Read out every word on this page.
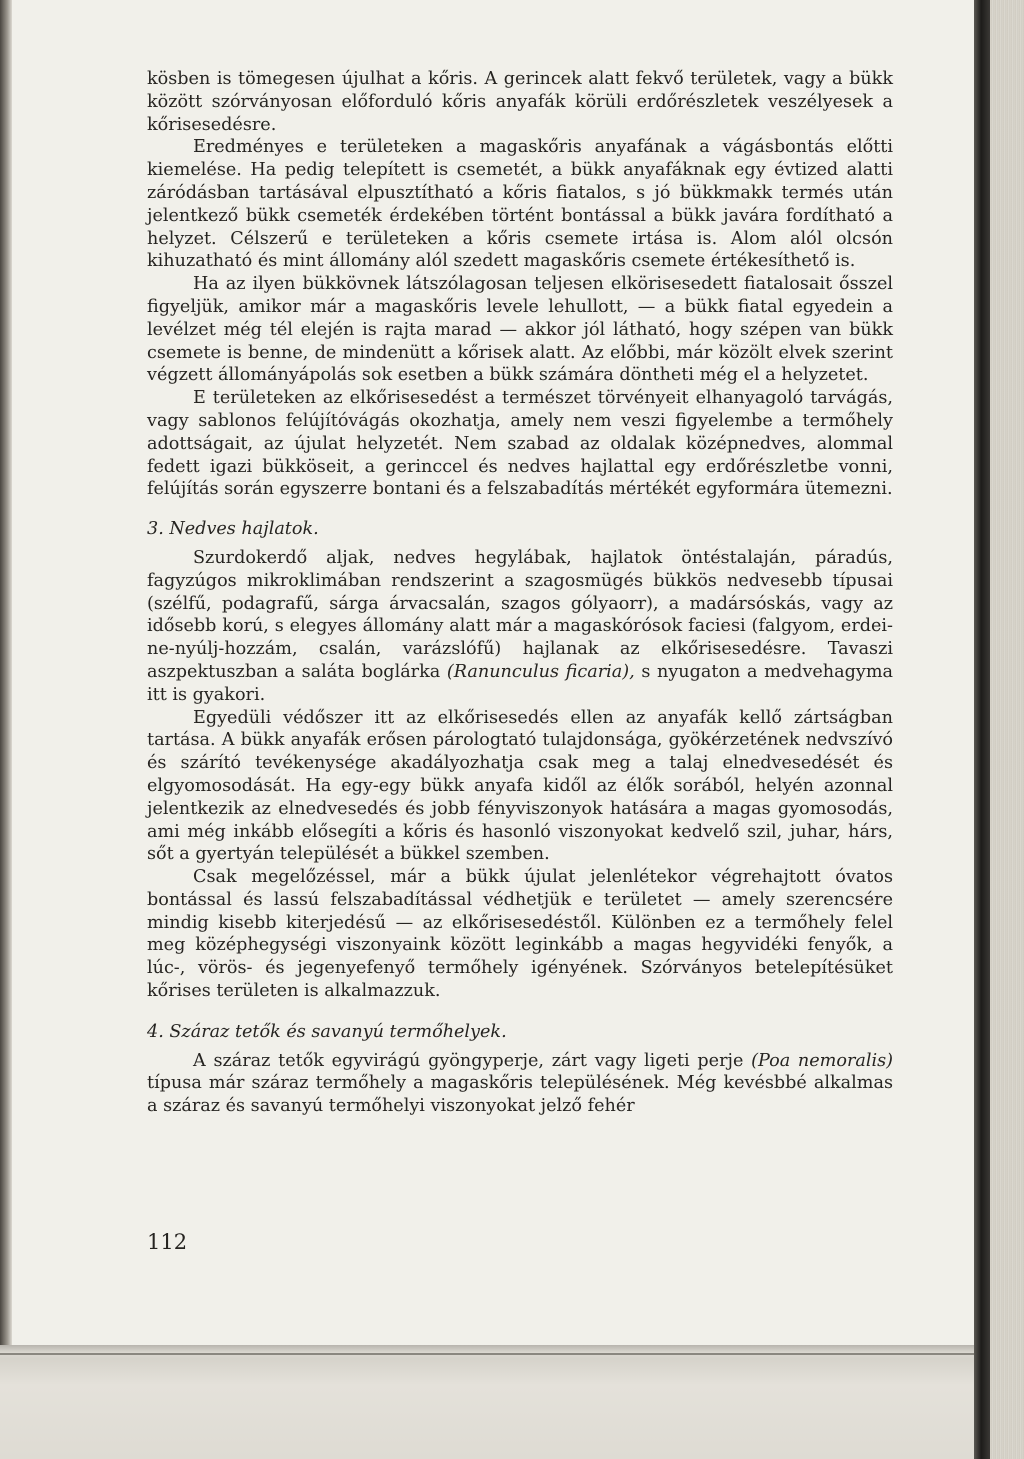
kösben is tömegesen újulhat a kőris. A gerincek alatt fekvő területek, vagy a bükk között szórványosan előforduló kőris anyafák körüli erdőrészletek veszélyesek a kőrisesedésre.

Eredményes e területeken a magaskőris anyafának a vágásbontás előtti kiemelése. Ha pedig telepített is csemetét, a bükk anyafáknak egy évtized alatti záródásban tartásával elpusztítható a kőris fiatalos, s jó bükkmakk termés után jelentkező bükk csemeték érdekében történt bontással a bükk javára fordítható a helyzet. Célszerű e területeken a kőris csemete irtása is. Alom alól olcsón kihuzatható és mint állomány alól szedett magaskőris csemete értékesíthető is.

Ha az ilyen bükkövnek látszólagosan teljesen elkörisesedett fiatalosait ősszel figyeljük, amikor már a magaskőris levele lehullott, — a bükk fiatal egyedein a levélzet még tél elején is rajta marad — akkor jól látható, hogy szépen van bükk csemete is benne, de mindenütt a kőrisek alatt. Az előbbi, már közölt elvek szerint végzett állományápolás sok esetben a bükk számára döntheti még el a helyzetet.

E területeken az elkőrisesedést a természet törvényeit elhanyagoló tarvágás, vagy sablonos felújítóvágás okozhatja, amely nem veszi figyelembe a termőhely adottságait, az újulat helyzetét. Nem szabad az oldalak középnedves, alommal fedett igazi bükköseit, a gerinccel és nedves hajlattal egy erdőrészletbe vonni, felújítás során egyszerre bontani és a felszabadítás mértékét egyformára ütemezni.

3. Nedves hajlatok.

Szurdokerdő aljak, nedves hegylábak, hajlatok öntéstalaján, páradús, fagyzúgos mikroklimában rendszerint a szagosmügés bükkös nedvesebb típusai (szélfű, podagrafű, sárga árvacsalán, szagos gólyaorr), a madársóskás, vagy az idősebb korú, s elegyes állomány alatt már a magaskórósok faciesi (falgyom, erdei-ne-nyúlj-hozzám, csalán, varázslófű) hajlanak az elkőrisesedésre. Tavaszi aszpektuszban a saláta boglárka (Ranunculus ficaria), s nyugaton a medvehagyma itt is gyakori.

Egyedüli védőszer itt az elkőrisesedés ellen az anyafák kellő zártságban tartása. A bükk anyafák erősen párologtató tulajdonsága, gyökérzetének nedvszívó és szárító tevékenysége akadályozhatja csak meg a talaj elnedvesedését és elgyomosodását. Ha egy-egy bükk anyafa kidől az élők sorából, helyén azonnal jelentkezik az elnedvesedés és jobb fényviszonyok hatására a magas gyomosodás, ami még inkább elősegíti a kőris és hasonló viszonyokat kedvelő szil, juhar, hárs, sőt a gyertyán települését a bükkel szemben.

Csak megelőzéssel, már a bükk újulat jelenlétekor végrehajtott óvatos bontással és lassú felszabadítással védhetjük e területet — amely szerencsére mindig kisebb kiterjedésű — az elkőrisesedéstől. Különben ez a termőhely felel meg középhegységi viszonyaink között leginkább a magas hegyvidéki fenyők, a lúc-, vörös- és jegenyefenyő termőhely igényének. Szórványos betelepítésüket kőrises területen is alkalmazzuk.

4. Száraz tetők és savanyú termőhelyek.

A száraz tetők egyvirágú gyöngyperje, zárt vagy ligeti perje (Poa nemoralis) típusa már száraz termőhely a magaskőris településének. Még kevésbbé alkalmas a száraz és savanyú termőhelyi viszonyokat jelző fehér

112
